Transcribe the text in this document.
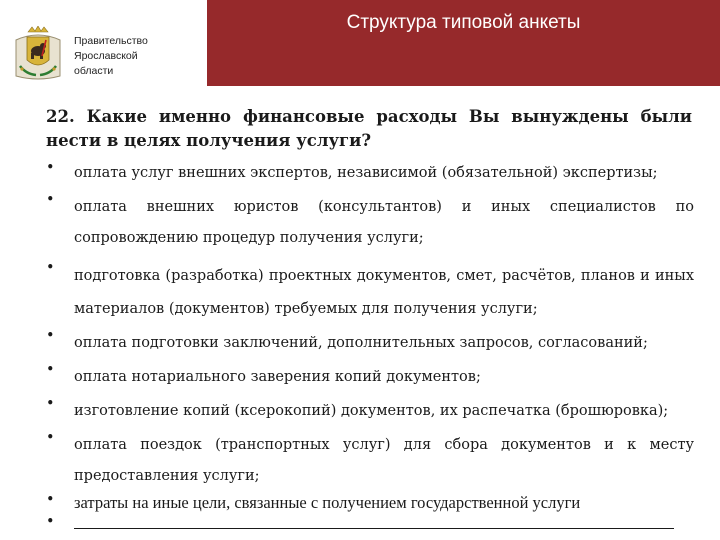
Правительство
Ярославской
области
Структура типовой анкеты
22. Какие именно финансовые расходы Вы вынуждены были нести в целях получения услуги?
• оплата услуг внешних экспертов, независимой (обязательной) экспертизы;
• оплата внешних юристов (консультантов) и иных специалистов по сопровождению процедур получения услуги;
• подготовка (разработка) проектных документов, смет, расчётов, планов и иных материалов (документов) требуемых для получения услуги;
• оплата подготовки заключений, дополнительных запросов, согласований;
• оплата нотариального заверения копий документов;
• изготовление копий (ксерокопий) документов, их распечатка (брошюровка);
• оплата поездок (транспортных услуг) для сбора документов и к месту предоставления услуги;
• затраты на иные цели, связанные с получением государственной услуги
•
